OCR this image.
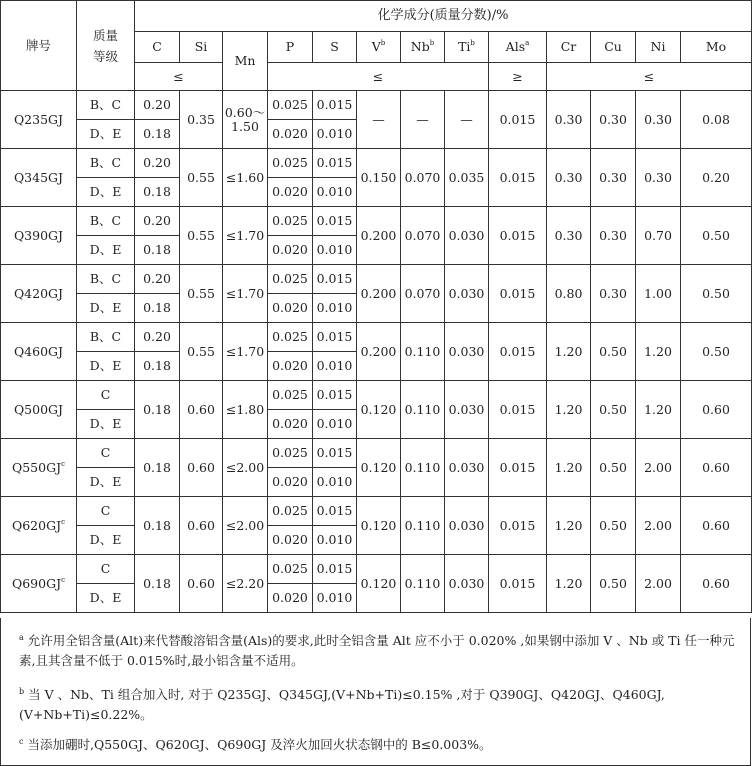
牌号	质量等级	化学成分(质量分数)/%												
		C	Si	Mn	P	S	$V^b$	Nb$^b$	Ti$^b$	Als$^a$	Cr	Cu	Ni	Mo
		≤			≤					≥	≤			
Q235GJ	B、C	0.20	0.35	0.60～1.50	0.025	0.015	—	—	—	0.015	0.30	0.30	0.30	0.08
	D、E	0.18			0.020	0.010								
Q345GJ	B、C	0.20	0.55	≤1.60	0.025	0.015	0.150	0.070	0.035	0.015	0.30	0.30	0.30	0.20
	D、E	0.18			0.020	0.010								
Q390GJ	B、C	0.20	0.55	≤1.70	0.025	0.015	0.200	0.070	0.030	0.015	0.30	0.30	0.70	0.50
	D、E	0.18			0.020	0.010								
Q420GJ	B、C	0.20	0.55	≤1.70	0.025	0.015	0.200	0.070	0.030	0.015	0.80	0.30	1.00	0.50
	D、E	0.18			0.020	0.010								
Q460GJ	B、C	0.20	0.55	≤1.70	0.025	0.015	0.200	0.110	0.030	0.015	1.20	0.50	1.20	0.50
	D、E	0.18			0.020	0.010								
Q500GJ	C	0.18	0.60	≤1.80	0.025	0.015	0.120	0.110	0.030	0.015	1.20	0.50	1.20	0.60
	D、E				0.020	0.010								
$Q550GJ^c$	C	0.18	0.60	≤2.00	0.025	0.015	0.120	0.110	0.030	0.015	1.20	0.50	2.00	0.60
	D、E				0.020	0.010								
$Q620GJ^c$	C	0.18	0.60	≤2.00	0.025	0.015	0.120	0.110	0.030	0.015	1.20	0.50	2.00	0.60
	D、E				0.020	0.010								
$Q690GJ^c$	C	0.18	0.60	≤2.20	0.025	0.015	0.120	0.110	0.030	0.015	1.20	0.50	2.00	0.60
	D、E				0.020	0.010								
$^a$ 允许用全铝含量(Alt)来代替酸溶铝含量(Als)的要求,此时全铝含量 Alt 应不小于 0.020% ,如果钢中添加 V 、Nb 或 Ti 任一种元素,且其含量不低于 0.015%时,最小铝含量不适用。
$^b$ 当 V 、Nb、Ti 组合加入时, 对于 Q235GJ、Q345GJ,(V+Nb+Ti)≤0.15% ,对于 Q390GJ、Q420GJ、Q460GJ,(V+Nb+Ti)≤0.22%。
$^c$ 当添加硼时,Q550GJ、Q620GJ、Q690GJ 及淬火加回火状态钢中的 B≤0.003%。
